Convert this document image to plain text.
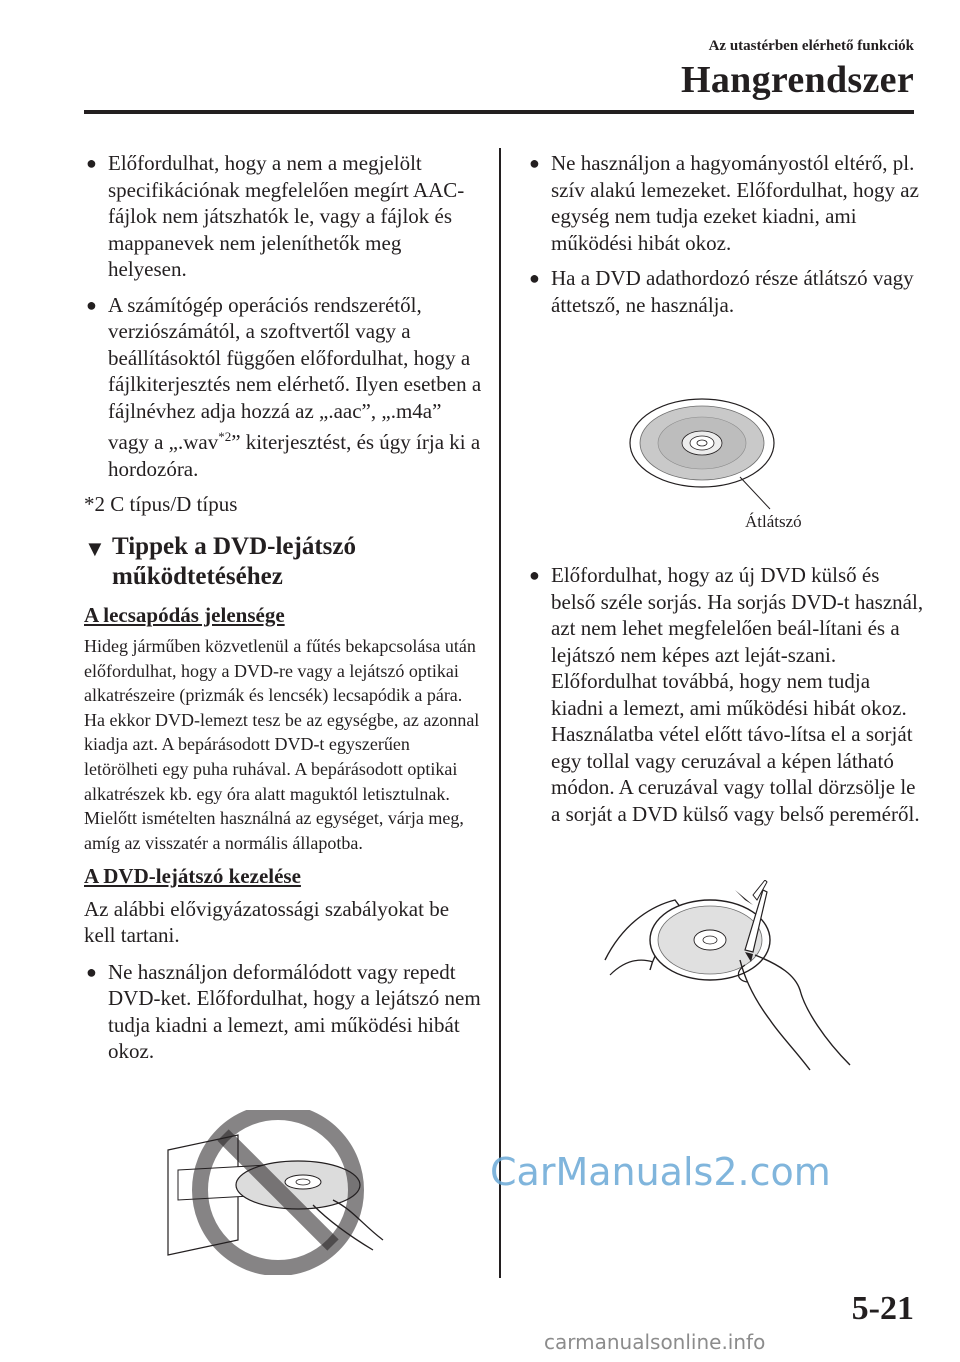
Az utastérben elérhető funkciók
Hangrendszer
● Előfordulhat, hogy a nem a megjelölt specifikációnak megfelelően megírt AAC-fájlok nem játszhatók le, vagy a fájlok és mappanevek nem jeleníthetők meg helyesen.
● A számítógép operációs rendszerétől, verziószámától, a szoftvertől vagy a beállításoktól függően előfordulhat, hogy a fájlkiterjesztés nem elérhető. Ilyen esetben a fájlnévhez adja hozzá az „.aac”, „.m4a” vagy a „.wav$^{*2}$” kiterjesztést, és úgy írja ki a hordozóra.
*2 C típus/D típus
▼ Tippek a DVD-lejátszó működtetéséhez
A lecsapódás jelensége
Hideg járműben közvetlenül a fűtés bekapcsolása után előfordulhat, hogy a DVD-re vagy a lejátszó optikai alkatrészeire (prizmák és lencsék) lecsapódik a pára. Ha ekkor DVD-lemezt tesz be az egységbe, az azonnal kiadja azt. A bepárásodott DVD-t egyszerűen letörölheti egy puha ruhával. A bepárásodott optikai alkatrészek kb. egy óra alatt maguktól letisztulnak. Mielőtt ismételten használná az egységet, várja meg, amíg az visszatér a normális állapotba.
A DVD-lejátszó kezelése
Az alábbi elővigyázatossági szabályokat be kell tartani.
● Ne használjon deformálódott vagy repedt DVD-ket. Előfordulhat, hogy a lejátszó nem tudja kiadni a lemezt, ami működési hibát okoz.
● Ne használjon a hagyományostól eltérő, pl. szív alakú lemezeket. Előfordulhat, hogy az egység nem tudja ezeket kiadni, ami működési hibát okoz.
● Ha a DVD adathordozó része átlátszó vagy áttetsző, ne használja.
Átlátszó
● Előfordulhat, hogy az új DVD külső és belső széle sorjás. Ha sorjás DVD-t használ, azt nem lehet megfelelően beál-lítani és a lejátszó nem képes azt leját-szani. Előfordulhat továbbá, hogy nem tudja kiadni a lemezt, ami működési hibát okoz. Használatba vétel előtt távo-lítsa el a sorját egy tollal vagy ceruzával a képen látható módon. A ceruzával vagy tollal dörzsölje le a sorját a DVD külső vagy belső pereméről.
CarManuals2.com
5-21
carmanualsonline.info
